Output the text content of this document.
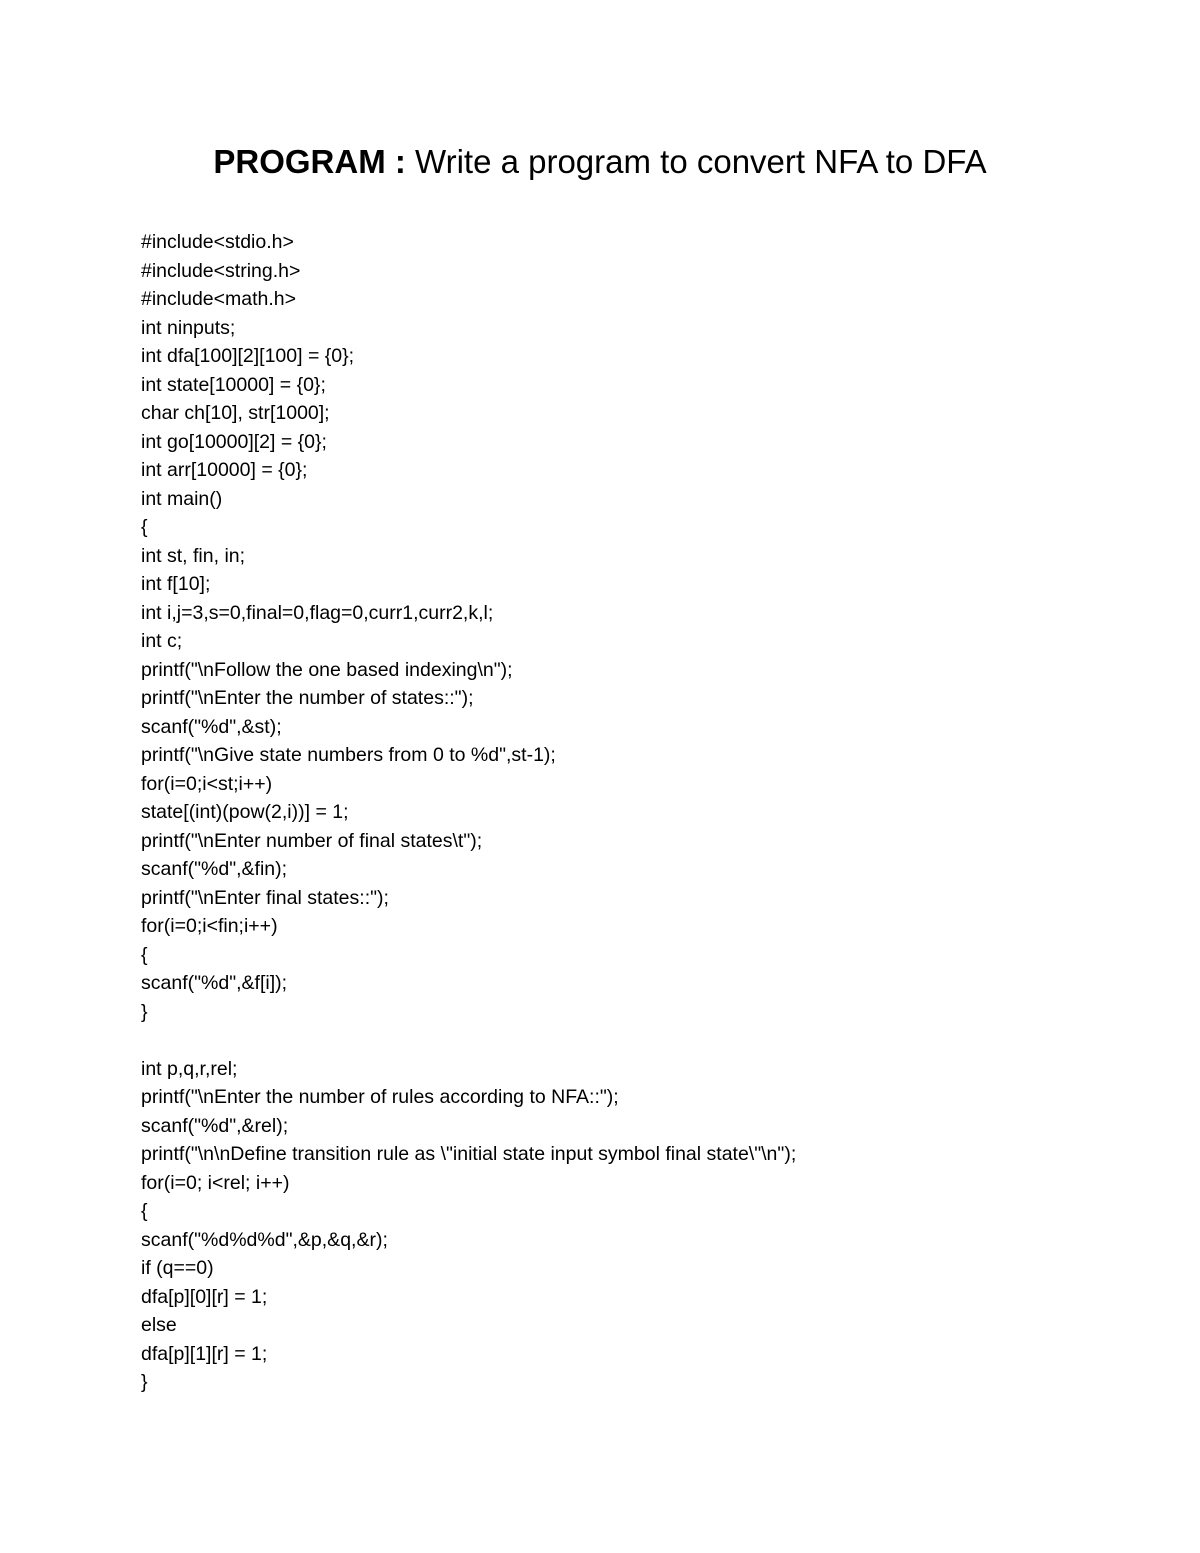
PROGRAM : Write a program to convert NFA to DFA
#include<stdio.h>
#include<string.h>
#include<math.h>
int ninputs;
int dfa[100][2][100] = {0};
int state[10000] = {0};
char ch[10], str[1000];
int go[10000][2] = {0};
int arr[10000] = {0};
int main()
{
int st, fin, in;
int f[10];
int i,j=3,s=0,final=0,flag=0,curr1,curr2,k,l;
int c;
printf("\nFollow the one based indexing\n");
printf("\nEnter the number of states::");
scanf("%d",&st);
printf("\nGive state numbers from 0 to %d",st-1);
for(i=0;i<st;i++)
state[(int)(pow(2,i))] = 1;
printf("\nEnter number of final states\t");
scanf("%d",&fin);
printf("\nEnter final states::");
for(i=0;i<fin;i++)
{
scanf("%d",&f[i]);
}
int p,q,r,rel;
printf("\nEnter the number of rules according to NFA::");
scanf("%d",&rel);
printf("\n\nDefine transition rule as \"initial state input symbol final state\"\n");
for(i=0; i<rel; i++)
{
scanf("%d%d%d",&p,&q,&r);
if (q==0)
dfa[p][0][r] = 1;
else
dfa[p][1][r] = 1;
}
